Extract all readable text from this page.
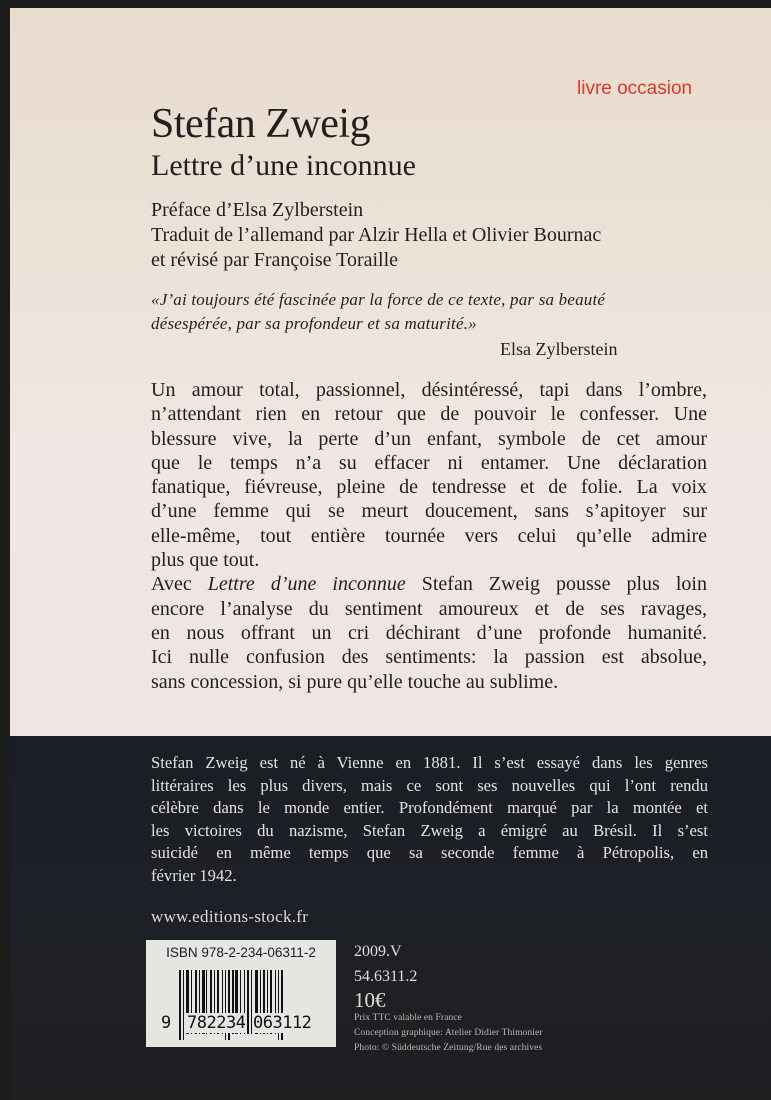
livre occasion
Stefan Zweig
Lettre d’une inconnue
Préface d’Elsa Zylberstein
Traduit de l’allemand par Alzir Hella et Olivier Bournac
et révisé par Françoise Toraille
«J’ai toujours été fascinée par la force de ce texte, par sa beauté
désespérée, par sa profondeur et sa maturité.»
Elsa Zylberstein
Un amour total, passionnel, désintéressé, tapi dans l’ombre,
n’attendant rien en retour que de pouvoir le confesser. Une
blessure vive, la perte d’un enfant, symbole de cet amour
que le temps n’a su effacer ni entamer. Une déclaration
fanatique, fiévreuse, pleine de tendresse et de folie. La voix
d’une femme qui se meurt doucement, sans s’apitoyer sur
elle-même, tout entière tournée vers celui qu’elle admire
plus que tout.
Avec Lettre d’une inconnue Stefan Zweig pousse plus loin
encore l’analyse du sentiment amoureux et de ses ravages,
en nous offrant un cri déchirant d’une profonde humanité.
Ici nulle confusion des sentiments: la passion est absolue,
sans concession, si pure qu’elle touche au sublime.
Stefan Zweig est né à Vienne en 1881. Il s’est essayé dans les genres
littéraires les plus divers, mais ce sont ses nouvelles qui l’ont rendu
célèbre dans le monde entier. Profondément marqué par la montée et
les victoires du nazisme, Stefan Zweig a émigré au Brésil. Il s’est
suicidé en même temps que sa seconde femme à Pétropolis, en
février 1942.
www.editions-stock.fr
ISBN 978-2-234-06311-2
9 782234 063112
2009.V
54.6311.2
10€
Prix TTC valable en France
Conception graphique: Atelier Didier Thimonier
Photo: © Süddeutsche Zeitung/Rue des archives
